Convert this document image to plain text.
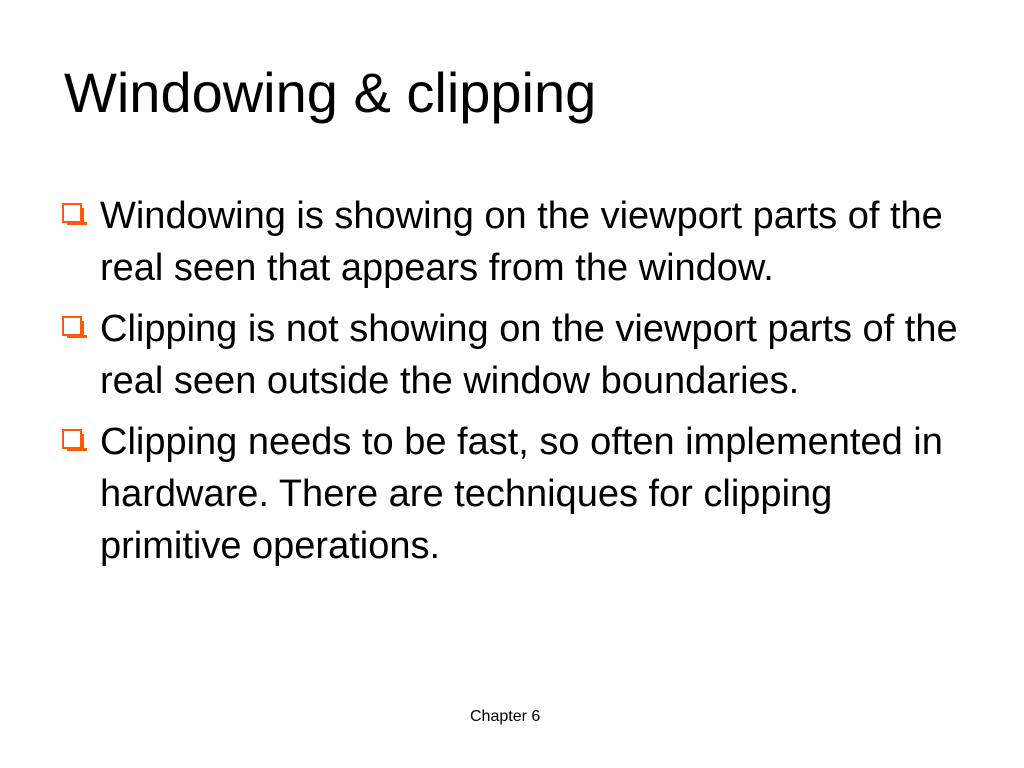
Windowing & clipping
Windowing is showing on the viewport parts of the real seen that appears from the window.
Clipping is not showing on the viewport parts of the real seen outside the window boundaries.
Clipping needs to be fast, so often implemented in hardware. There are techniques for clipping primitive operations.
Chapter 6
